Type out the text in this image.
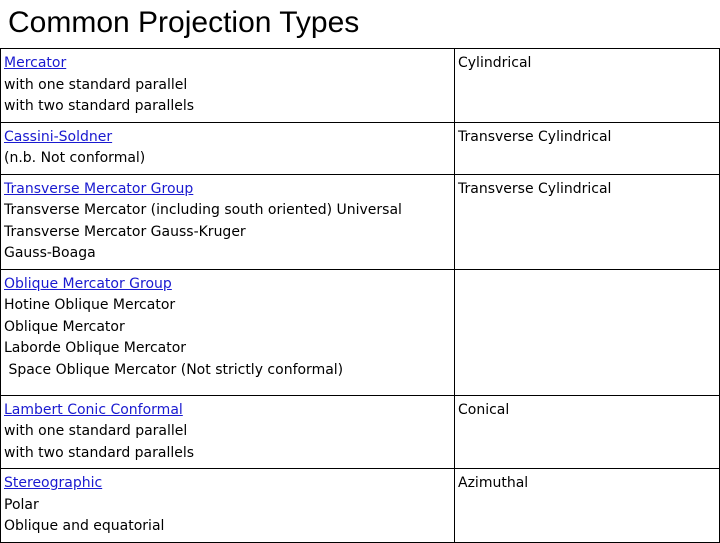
Common Projection Types
Mercator
with one standard parallel
with two standard parallels	Cylindrical

Cassini-Soldner
(n.b. Not conformal)	Transverse Cylindrical

Transverse Mercator Group
Transverse Mercator (including south oriented) Universal
Transverse Mercator Gauss-Kruger
Gauss-Boaga	Transverse Cylindrical

Oblique Mercator Group
Hotine Oblique Mercator
Oblique Mercator
Laborde Oblique Mercator
Space Oblique Mercator (Not strictly conformal)	

Lambert Conic Conformal
with one standard parallel
with two standard parallels	Conical

Stereographic
Polar
Oblique and equatorial	Azimuthal
